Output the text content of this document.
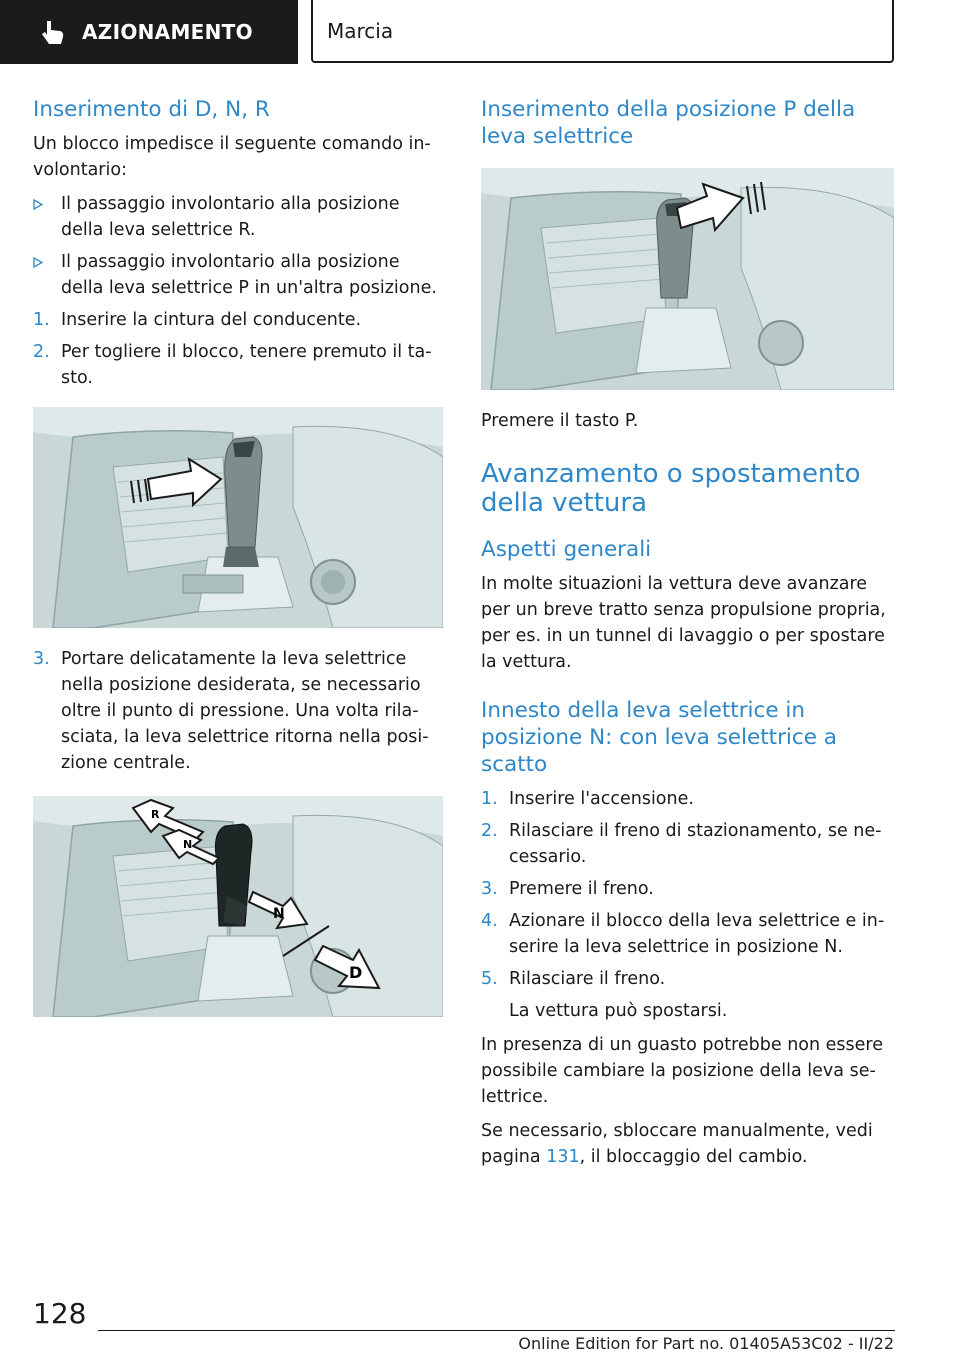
AZIONAMENTO	Marcia
Inserimento di D, N, R

Un blocco impedisce il seguente comando in-volontario:

Il passaggio involontario alla posizione della leva selettrice R.
Il passaggio involontario alla posizione della leva selettrice P in un'altra posizione.
1. Inserire la cintura del conducente.
2. Per togliere il blocco, tenere premuto il ta-sto.
3. Portare delicatamente la leva selettrice nella posizione desiderata, se necessario oltre il punto di pressione. Una volta rila-sciata, la leva selettrice ritorna nella posi-zione centrale.
R
N
N
D
Inserimento della posizione P della leva selettrice

Premere il tasto P.

Avanzamento o spostamento della vettura
Aspetti generali

In molte situazioni la vettura deve avanzare per un breve tratto senza propulsione propria, per es. in un tunnel di lavaggio o per spostare la vettura.

Innesto della leva selettrice in posizione N: con leva selettrice a scatto
1. Inserire l'accensione.
2. Rilasciare il freno di stazionamento, se ne-cessario.
3. Premere il freno.
4. Azionare il blocco della leva selettrice e in-serire la leva selettrice in posizione N.
5. Rilasciare il freno.
La vettura può spostarsi.

In presenza di un guasto potrebbe non essere possibile cambiare la posizione della leva se-lettrice.

Se necessario, sbloccare manualmente, vedi pagina 131, il bloccaggio del cambio.

128
Online Edition for Part no. 01405A53C02 - II/22
